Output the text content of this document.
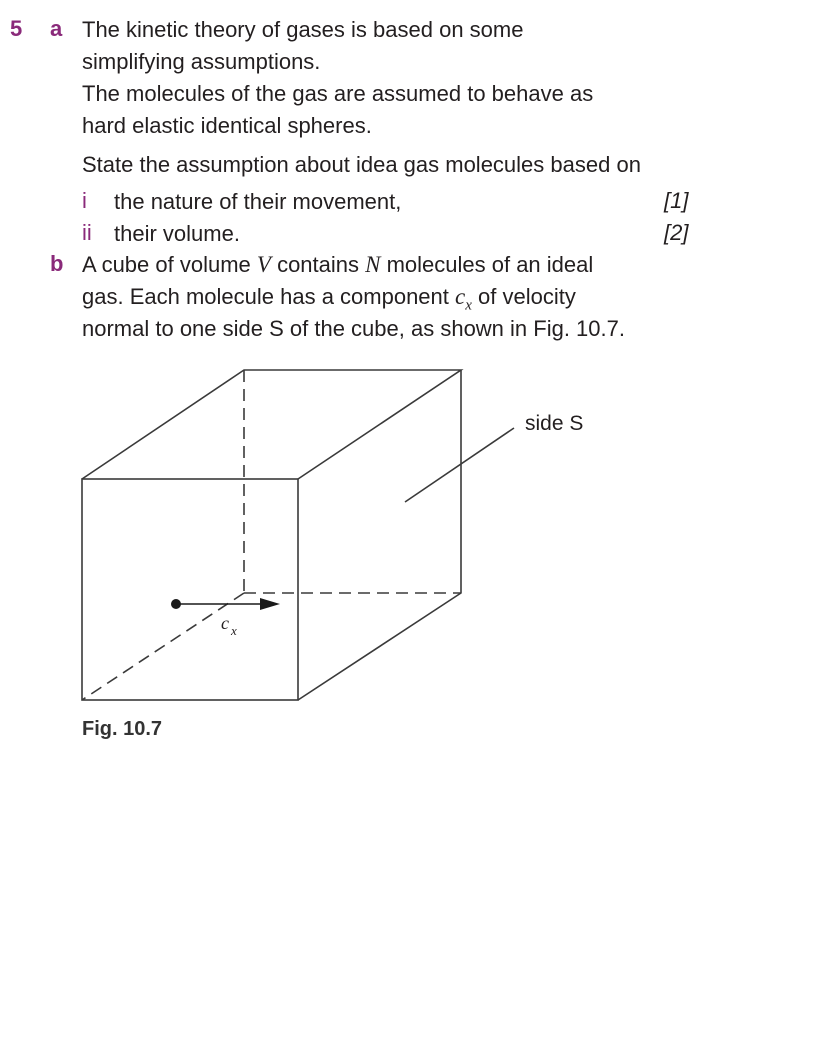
5 a The kinetic theory of gases is based on some
simplifying assumptions.
The molecules of the gas are assumed to behave as
hard elastic identical spheres.
State the assumption about idea gas molecules based on
i the nature of their movement,	[1]
ii their volume.	[2]
b A cube of volume V contains N molecules of an ideal
gas. Each molecule has a component $c_x$ of velocity
normal to one side S of the cube, as shown in Fig. 10.7.
side S
c x
Fig. 10.7
